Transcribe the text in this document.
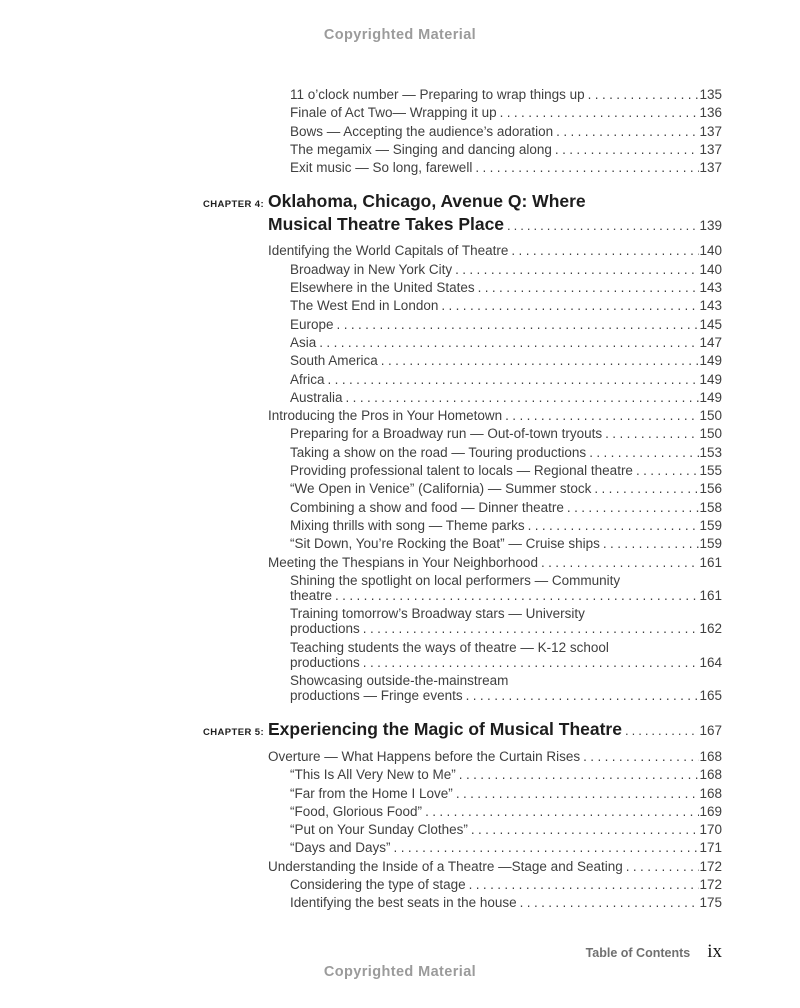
Copyrighted Material
11 o’clock number — Preparing to wrap things up .....	135
Finale of Act Two— Wrapping it up .....	136
Bows — Accepting the audience’s adoration .....	137
The megamix — Singing and dancing along .....	137
Exit music — So long, farewell .....	137
CHAPTER 4: Oklahoma, Chicago, Avenue Q: Where
Musical Theatre Takes Place .....	139
Identifying the World Capitals of Theatre .....	140
Broadway in New York City .....	140
Elsewhere in the United States .....	143
The West End in London .....	143
Europe .....	145
Asia .....	147
South America .....	149
Africa .....	149
Australia .....	149
Introducing the Pros in Your Hometown .....	150
Preparing for a Broadway run — Out-of-town tryouts .....	150
Taking a show on the road — Touring productions .....	153
Providing professional talent to locals — Regional theatre .....	155
“We Open in Venice” (California) — Summer stock .....	156
Combining a show and food — Dinner theatre .....	158
Mixing thrills with song — Theme parks .....	159
“Sit Down, You’re Rocking the Boat” — Cruise ships .....	159
Meeting the Thespians in Your Neighborhood .....	161
Shining the spotlight on local performers — Community
theatre .....	161
Training tomorrow’s Broadway stars — University
productions .....	162
Teaching students the ways of theatre — K-12 school
productions .....	164
Showcasing outside-the-mainstream
productions — Fringe events .....	165
CHAPTER 5: Experiencing the Magic of Musical Theatre .....	167
Overture — What Happens before the Curtain Rises .....	168
“This Is All Very New to Me” .....	168
“Far from the Home I Love” .....	168
“Food, Glorious Food” .....	169
“Put on Your Sunday Clothes” .....	170
“Days and Days” .....	171
Understanding the Inside of a Theatre —Stage and Seating .....	172
Considering the type of stage .....	172
Identifying the best seats in the house .....	175
Table of Contents ix
Copyrighted Material
